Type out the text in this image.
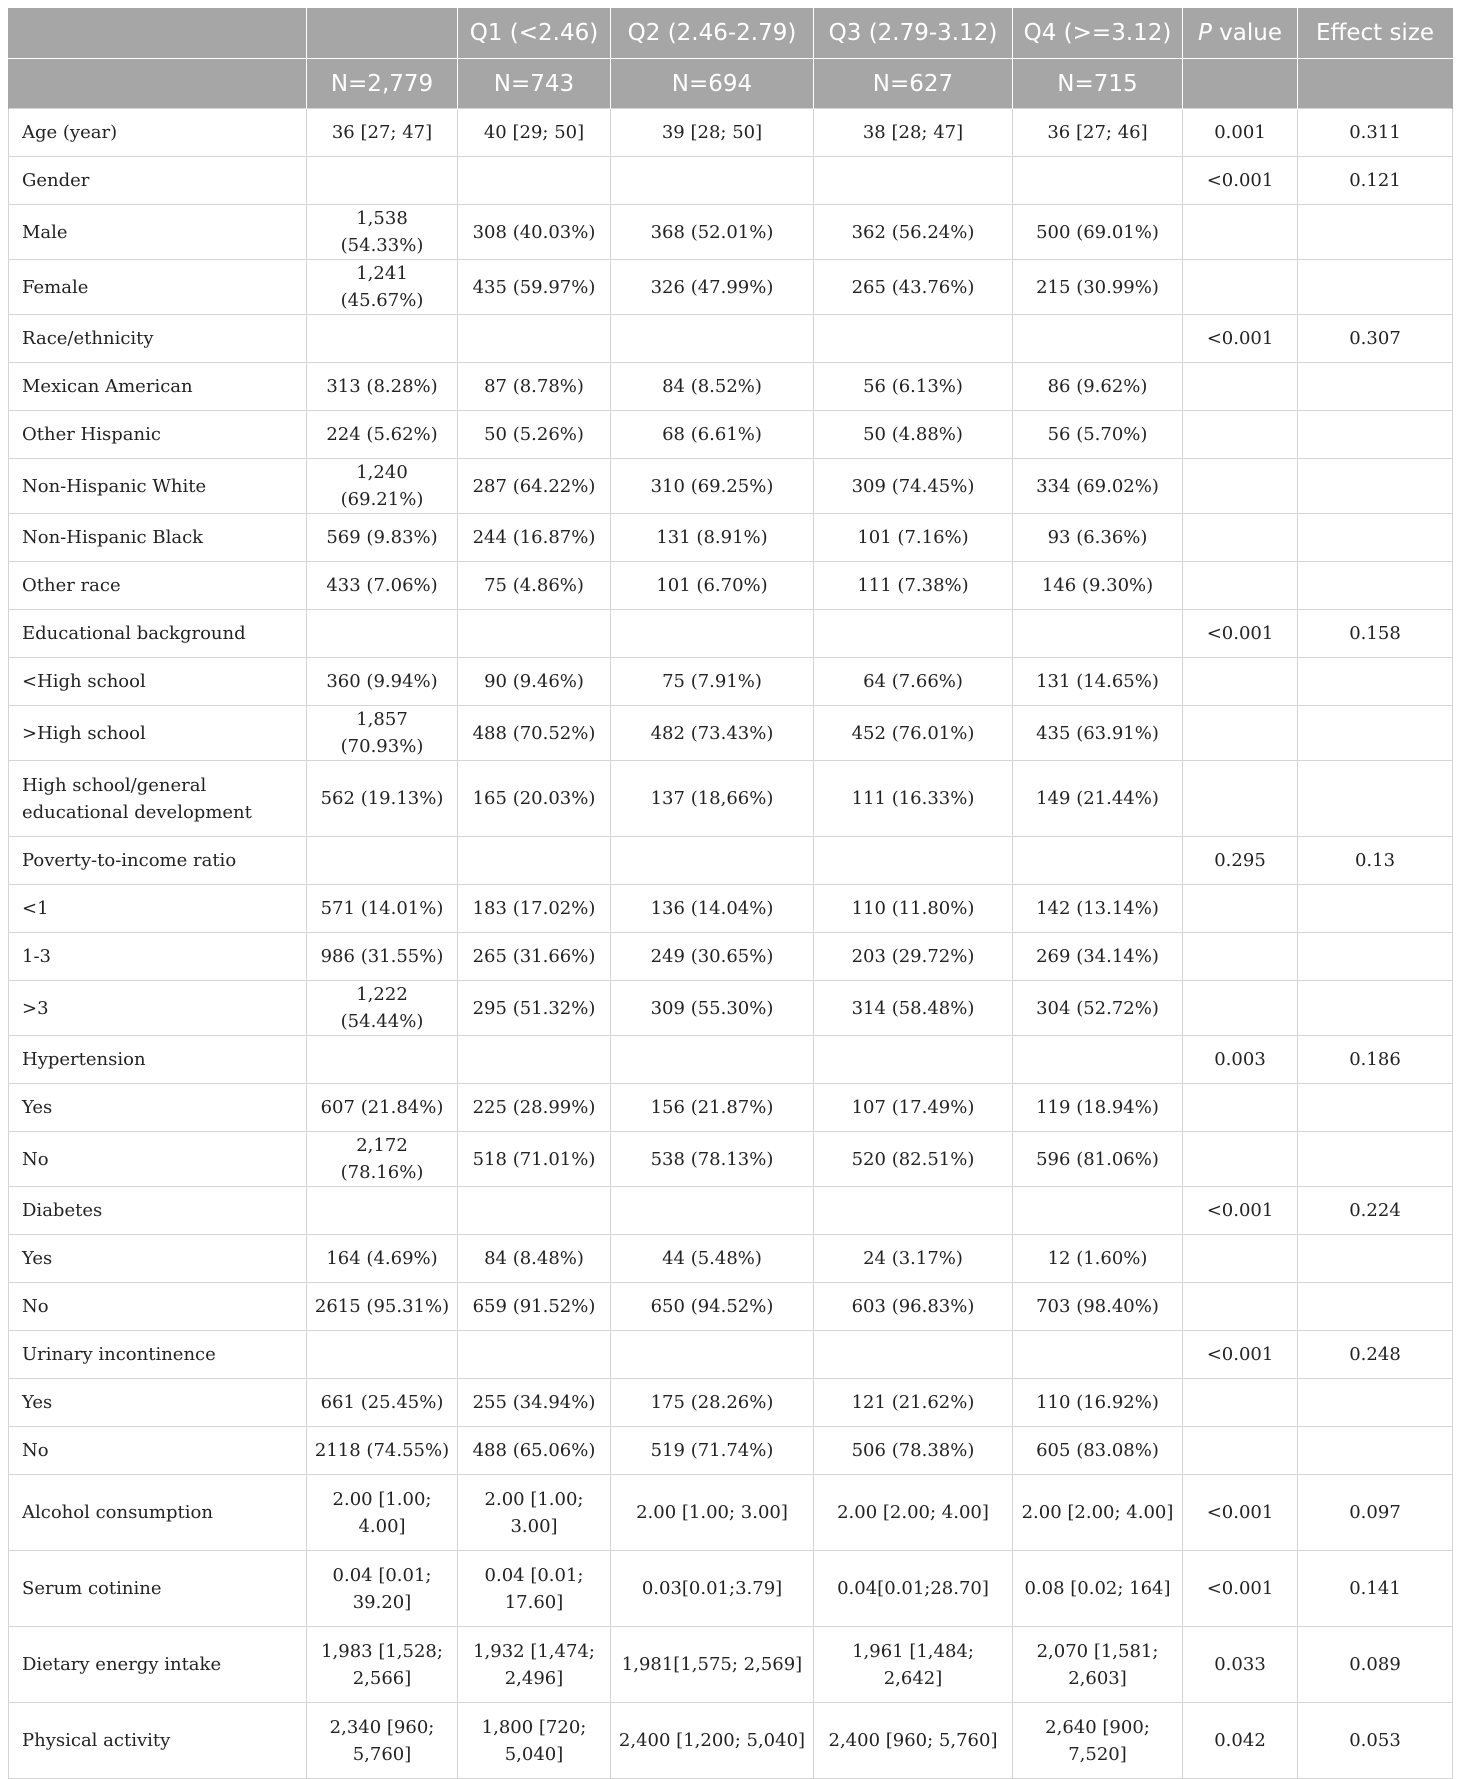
		Q1 (<2.46)	Q2 (2.46-2.79)	Q3 (2.79-3.12)	Q4 (>=3.12)	P value	Effect size
	N=2,779	N=743	N=694	N=627	N=715		
Age (year)	36 [27; 47]	40 [29; 50]	39 [28; 50]	38 [28; 47]	36 [27; 46]	0.001	0.311
Gender						<0.001	0.121
Male	1,538 (54.33%)	308 (40.03%)	368 (52.01%)	362 (56.24%)	500 (69.01%)		
Female	1,241 (45.67%)	435 (59.97%)	326 (47.99%)	265 (43.76%)	215 (30.99%)		
Race/ethnicity						<0.001	0.307
Mexican American	313 (8.28%)	87 (8.78%)	84 (8.52%)	56 (6.13%)	86 (9.62%)		
Other Hispanic	224 (5.62%)	50 (5.26%)	68 (6.61%)	50 (4.88%)	56 (5.70%)		
Non-Hispanic White	1,240 (69.21%)	287 (64.22%)	310 (69.25%)	309 (74.45%)	334 (69.02%)		
Non-Hispanic Black	569 (9.83%)	244 (16.87%)	131 (8.91%)	101 (7.16%)	93 (6.36%)		
Other race	433 (7.06%)	75 (4.86%)	101 (6.70%)	111 (7.38%)	146 (9.30%)		
Educational background						<0.001	0.158
<High school	360 (9.94%)	90 (9.46%)	75 (7.91%)	64 (7.66%)	131 (14.65%)		
>High school	1,857 (70.93%)	488 (70.52%)	482 (73.43%)	452 (76.01%)	435 (63.91%)		
High school/general educational development	562 (19.13%)	165 (20.03%)	137 (18,66%)	111 (16.33%)	149 (21.44%)		
Poverty-to-income ratio						0.295	0.13
<1	571 (14.01%)	183 (17.02%)	136 (14.04%)	110 (11.80%)	142 (13.14%)		
1-3	986 (31.55%)	265 (31.66%)	249 (30.65%)	203 (29.72%)	269 (34.14%)		
>3	1,222 (54.44%)	295 (51.32%)	309 (55.30%)	314 (58.48%)	304 (52.72%)		
Hypertension						0.003	0.186
Yes	607 (21.84%)	225 (28.99%)	156 (21.87%)	107 (17.49%)	119 (18.94%)		
No	2,172 (78.16%)	518 (71.01%)	538 (78.13%)	520 (82.51%)	596 (81.06%)		
Diabetes						<0.001	0.224
Yes	164 (4.69%)	84 (8.48%)	44 (5.48%)	24 (3.17%)	12 (1.60%)		
No	2615 (95.31%)	659 (91.52%)	650 (94.52%)	603 (96.83%)	703 (98.40%)		
Urinary incontinence						<0.001	0.248
Yes	661 (25.45%)	255 (34.94%)	175 (28.26%)	121 (21.62%)	110 (16.92%)		
No	2118 (74.55%)	488 (65.06%)	519 (71.74%)	506 (78.38%)	605 (83.08%)		
Alcohol consumption	2.00 [1.00; 4.00]	2.00 [1.00; 3.00]	2.00 [1.00; 3.00]	2.00 [2.00; 4.00]	2.00 [2.00; 4.00]	<0.001	0.097
Serum cotinine	0.04 [0.01; 39.20]	0.04 [0.01; 17.60]	0.03[0.01;3.79]	0.04[0.01;28.70]	0.08 [0.02; 164]	<0.001	0.141
Dietary energy intake	1,983 [1,528; 2,566]	1,932 [1,474; 2,496]	1,981[1,575; 2,569]	1,961 [1,484; 2,642]	2,070 [1,581; 2,603]	0.033	0.089
Physical activity	2,340 [960; 5,760]	1,800 [720; 5,040]	2,400 [1,200; 5,040]	2,400 [960; 5,760]	2,640 [900; 7,520]	0.042	0.053
